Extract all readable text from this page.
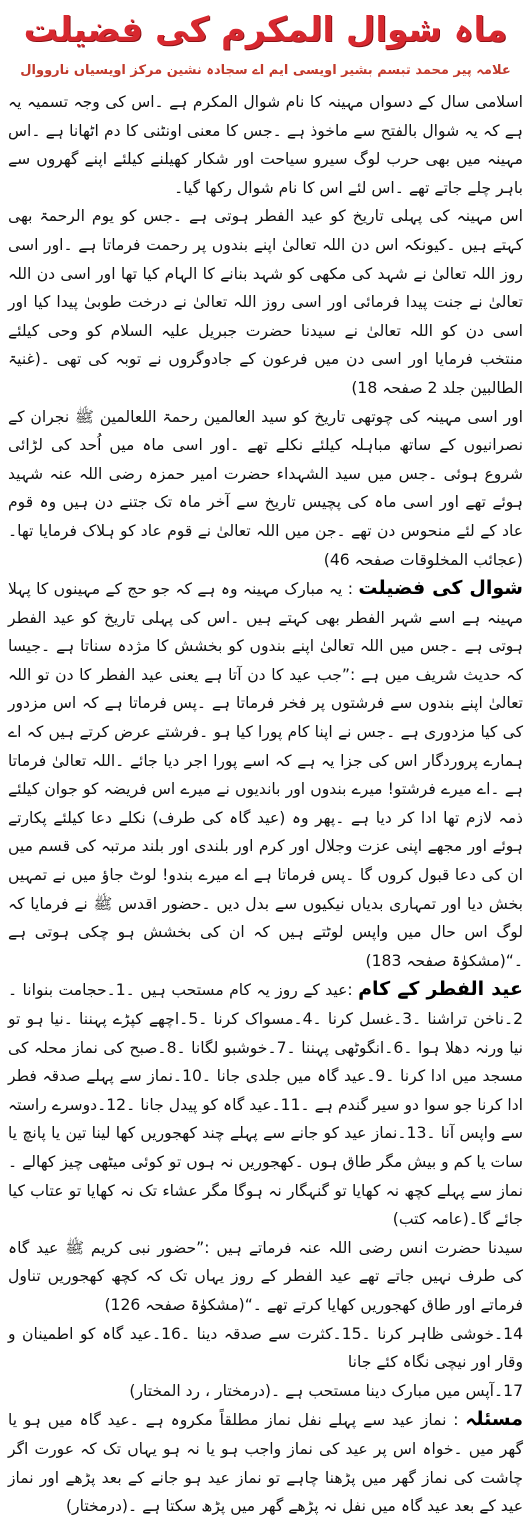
ماہ شوال المکرم کی فضیلت
علامہ پیر محمد تبسم بشیر اویسی ایم اے سجادہ نشین مرکز اویسیاں نارووال

اسلامی سال کے دسواں مہینہ کا نام شوال المکرم ہے ۔اس کی وجہ تسمیہ یہ ہے کہ یہ شوال بالفتح سے ماخوذ ہے ۔جس کا معنی اونٹنی کا دم اٹھانا ہے ۔اس مہینہ میں بھی حرب لوگ سیرو سیاحت اور شکار کھیلنے کیلئے اپنے گھروں سے باہر چلے جاتے تھے ۔اس لئے اس کا نام شوال رکھا گیا۔

اس مہینہ کی پہلی تاریخ کو عید الفطر ہوتی ہے ۔جس کو یوم الرحمۃ بھی کہتے ہیں ۔کیونکہ اس دن اللہ تعالیٰ اپنے بندوں پر رحمت فرماتا ہے ۔اور اسی روز اللہ تعالیٰ نے شہد کی مکھی کو شہد بنانے کا الہام کیا تھا اور اسی دن اللہ تعالیٰ نے جنت پیدا فرمائی اور اسی روز اللہ تعالیٰ نے درخت طوبیٰ پیدا کیا اور اسی دن کو اللہ تعالیٰ نے سیدنا حضرت جبریل علیہ السلام کو وحی کیلئے منتخب فرمایا اور اسی دن میں فرعون کے جادوگروں نے توبہ کی تھی ۔(غنیۃ الطالبین جلد 2 صفحہ 18)

اور اسی مہینہ کی چوتھی تاریخ کو سید العالمین رحمۃ اللعالمین ﷺ نجران کے نصرانیوں کے ساتھ مباہلہ کیلئے نکلے تھے ۔اور اسی ماہ میں اُحد کی لڑائی شروع ہوئی ۔جس میں سید الشہداء حضرت امیر حمزہ رضی اللہ عنہ شہید ہوئے تھے اور اسی ماہ کی پچیس تاریخ سے آخر ماہ تک جتنے دن ہیں وہ قوم عاد کے لئے منحوس دن تھے ۔جن میں اللہ تعالیٰ نے قوم عاد کو ہلاک فرمایا تھا۔(عجائب المخلوقات صفحہ 46)

شوال کی فضیلت : یہ مبارک مہینہ وہ ہے کہ جو حج کے مہینوں کا پہلا مہینہ ہے اسے شہر الفطر بھی کہتے ہیں ۔اس کی پہلی تاریخ کو عید الفطر ہوتی ہے ۔جس میں اللہ تعالیٰ اپنے بندوں کو بخشش کا مژدہ سناتا ہے ۔جیسا کہ حدیث شریف میں ہے :”جب عید کا دن آتا ہے یعنی عید الفطر کا دن تو اللہ تعالیٰ اپنے بندوں سے فرشتوں پر فخر فرماتا ہے ۔پس فرماتا ہے کہ اس مزدور کی کیا مزدوری ہے ۔جس نے اپنا کام پورا کیا ہو ۔فرشتے عرض کرتے ہیں کہ اے ہمارے پروردگار اس کی جزا یہ ہے کہ اسے پورا اجر دیا جائے ۔اللہ تعالیٰ فرماتا ہے ۔اے میرے فرشتو! میرے بندوں اور باندیوں نے میرے اس فریضہ کو جوان کیلئے ذمہ لازم تھا ادا کر دیا ہے ۔پھر وہ (عید گاہ کی طرف) نکلے دعا کیلئے پکارتے ہوئے اور مجھے اپنی عزت وجلال اور کرم اور بلندی اور بلند مرتبہ کی قسم میں ان کی دعا قبول کروں گا ۔پس فرماتا ہے اے میرے بندو! لوٹ جاؤ میں نے تمہیں بخش دیا اور تمہاری بدیاں نیکیوں سے بدل دیں ۔حضور اقدس ﷺ نے فرمایا کہ لوگ اس حال میں واپس لوٹتے ہیں کہ ان کی بخشش ہو چکی ہوتی ہے ۔“(مشکوٰۃ صفحہ 183)

عید الفطر کے کام :عید کے روز یہ کام مستحب ہیں ۔1۔حجامت بنوانا ۔2۔ناخن تراشنا ۔3۔غسل کرنا ۔4۔مسواک کرنا ۔5۔اچھے کپڑے پہننا ۔نیا ہو تو نیا ورنہ دھلا ہوا ۔6۔انگوٹھی پہننا ۔7۔خوشبو لگانا ۔8۔صبح کی نماز محلہ کی مسجد میں ادا کرنا ۔9۔عید گاہ میں جلدی جانا ۔10۔نماز سے پہلے صدقہ فطر ادا کرنا جو سوا دو سیر گندم ہے ۔11۔عید گاہ کو پیدل جانا ۔12۔دوسرے راستہ سے واپس آنا ۔13۔نماز عید کو جانے سے پہلے چند کھجوریں کھا لینا تین یا پانچ یا سات یا کم و بیش مگر طاق ہوں ۔کھجوریں نہ ہوں تو کوئی میٹھی چیز کھالے ۔نماز سے پہلے کچھ نہ کھایا تو گنہگار نہ ہوگا مگر عشاء تک نہ کھایا تو عتاب کیا جائے گا۔(عامہ کتب)

سیدنا حضرت انس رضی اللہ عنہ فرماتے ہیں :”حضور نبی کریم ﷺ عید گاہ کی طرف نہیں جاتے تھے عید الفطر کے روز یہاں تک کہ کچھ کھجوریں تناول فرماتے اور طاق کھجوریں کھایا کرتے تھے ۔“(مشکوٰۃ صفحہ 126)

14۔خوشی ظاہر کرنا ۔15۔کثرت سے صدقہ دینا ۔16۔عید گاہ کو اطمینان و وقار اور نیچی نگاہ کئے جانا

17۔آپس میں مبارک دینا مستحب ہے ۔(درمختار ، رد المختار)

مسئلہ : نماز عید سے پہلے نفل نماز مطلقاً مکروہ ہے ۔عید گاہ میں ہو یا گھر میں ۔خواہ اس پر عید کی نماز واجب ہو یا نہ ہو یہاں تک کہ عورت اگر چاشت کی نماز گھر میں پڑھنا چاہے تو نماز عید ہو جانے کے بعد پڑھے اور نماز عید کے بعد عید گاہ میں نفل نہ پڑھے گھر میں پڑھ سکتا ہے ۔(درمختار)
